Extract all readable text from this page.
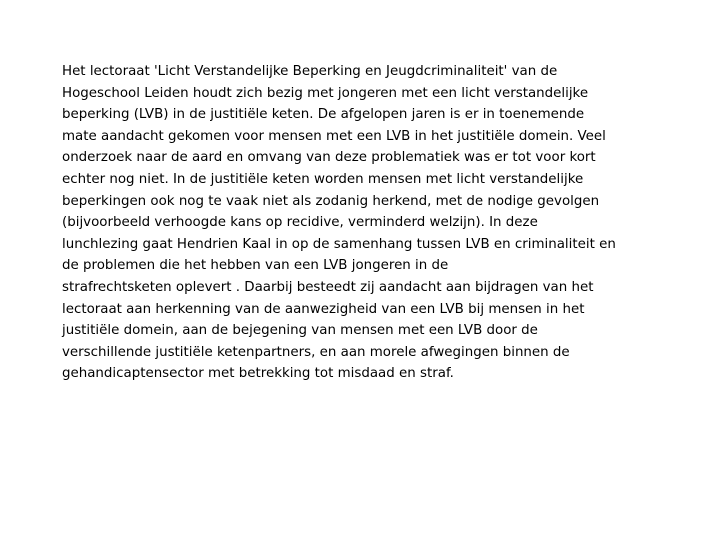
Het lectoraat 'Licht Verstandelijke Beperking en Jeugdcriminaliteit' van de
Hogeschool Leiden houdt zich bezig met jongeren met een licht verstandelijke
beperking (LVB) in de justitiële keten. De afgelopen jaren is er in toenemende
mate aandacht gekomen voor mensen met een LVB in het justitiële domein. Veel
onderzoek naar de aard en omvang van deze problematiek was er tot voor kort
echter nog niet. In de justitiële keten worden mensen met licht verstandelijke
beperkingen ook nog te vaak niet als zodanig herkend, met de nodige gevolgen
(bijvoorbeeld verhoogde kans op recidive, verminderd welzijn). In deze
lunchlezing gaat Hendrien Kaal in op de samenhang tussen LVB en criminaliteit en
de problemen die het hebben van een LVB jongeren in de
strafrechtsketen oplevert . Daarbij besteedt zij aandacht aan bijdragen van het
lectoraat aan herkenning van de aanwezigheid van een LVB bij mensen in het
justitiële domein, aan de bejegening van mensen met een LVB door de
verschillende justitiële ketenpartners, en aan morele afwegingen binnen de
gehandicaptensector met betrekking tot misdaad en straf.
